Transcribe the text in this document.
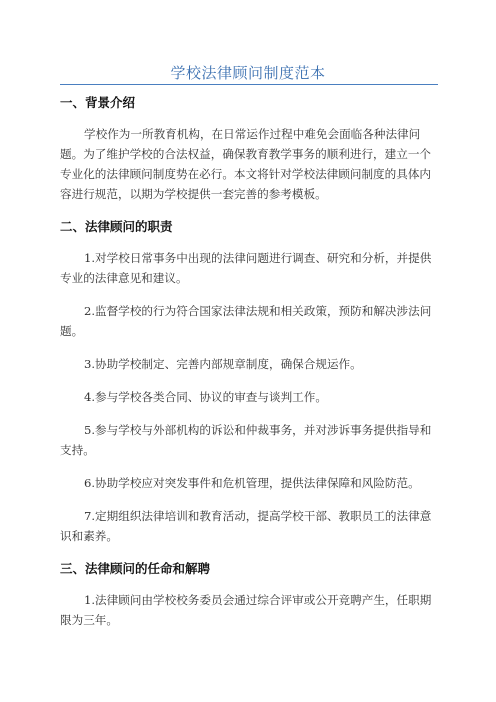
学校法律顾问制度范本
一、背景介绍

学校作为一所教育机构，在日常运作过程中难免会面临各种法律问题。为了维护学校的合法权益，确保教育教学事务的顺利进行，建立一个专业化的法律顾问制度势在必行。本文将针对学校法律顾问制度的具体内容进行规范，以期为学校提供一套完善的参考模板。

二、法律顾问的职责

1.对学校日常事务中出现的法律问题进行调查、研究和分析，并提供专业的法律意见和建议。

2.监督学校的行为符合国家法律法规和相关政策，预防和解决涉法问题。

3.协助学校制定、完善内部规章制度，确保合规运作。

4.参与学校各类合同、协议的审查与谈判工作。

5.参与学校与外部机构的诉讼和仲裁事务，并对涉诉事务提供指导和支持。

6.协助学校应对突发事件和危机管理，提供法律保障和风险防范。

7.定期组织法律培训和教育活动，提高学校干部、教职员工的法律意识和素养。

三、法律顾问的任命和解聘

1.法律顾问由学校校务委员会通过综合评审或公开竞聘产生，任职期限为三年。
